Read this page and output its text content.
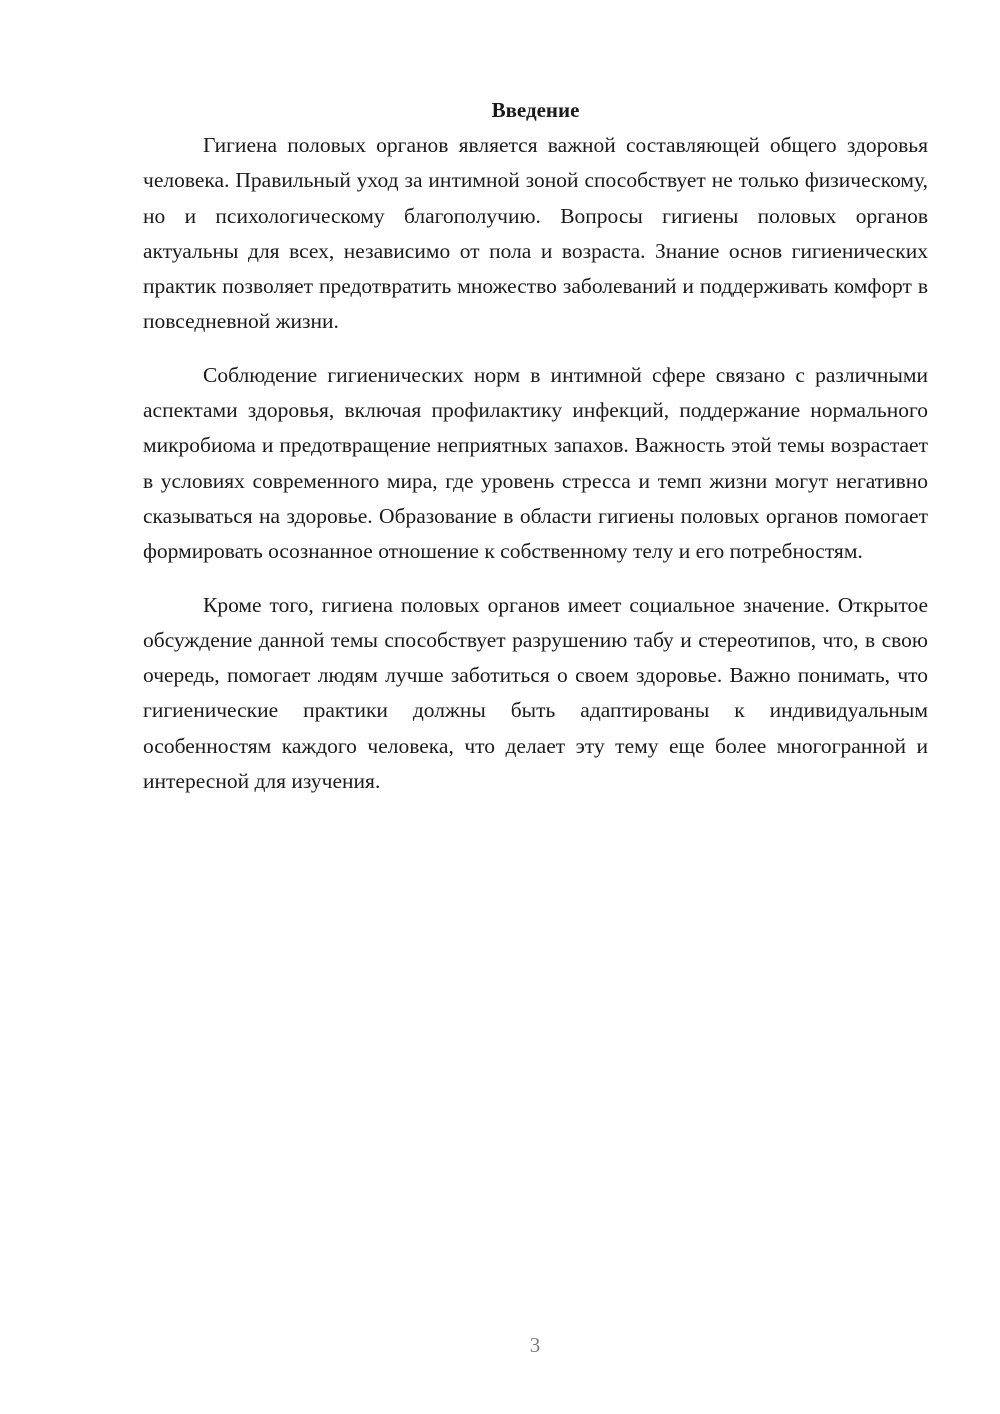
Введение

Гигиена половых органов является важной составляющей общего здоровья человека. Правильный уход за интимной зоной способствует не только физическому, но и психологическому благополучию. Вопросы гигиены половых органов актуальны для всех, независимо от пола и возраста. Знание основ гигиенических практик позволяет предотвратить множество заболеваний и поддерживать комфорт в повседневной жизни.

Соблюдение гигиенических норм в интимной сфере связано с различными аспектами здоровья, включая профилактику инфекций, поддержание нормального микробиома и предотвращение неприятных запахов. Важность этой темы возрастает в условиях современного мира, где уровень стресса и темп жизни могут негативно сказываться на здоровье. Образование в области гигиены половых органов помогает формировать осознанное отношение к собственному телу и его потребностям.

Кроме того, гигиена половых органов имеет социальное значение. Открытое обсуждение данной темы способствует разрушению табу и стереотипов, что, в свою очередь, помогает людям лучше заботиться о своем здоровье. Важно понимать, что гигиенические практики должны быть адаптированы к индивидуальным особенностям каждого человека, что делает эту тему еще более многогранной и интересной для изучения.

3
